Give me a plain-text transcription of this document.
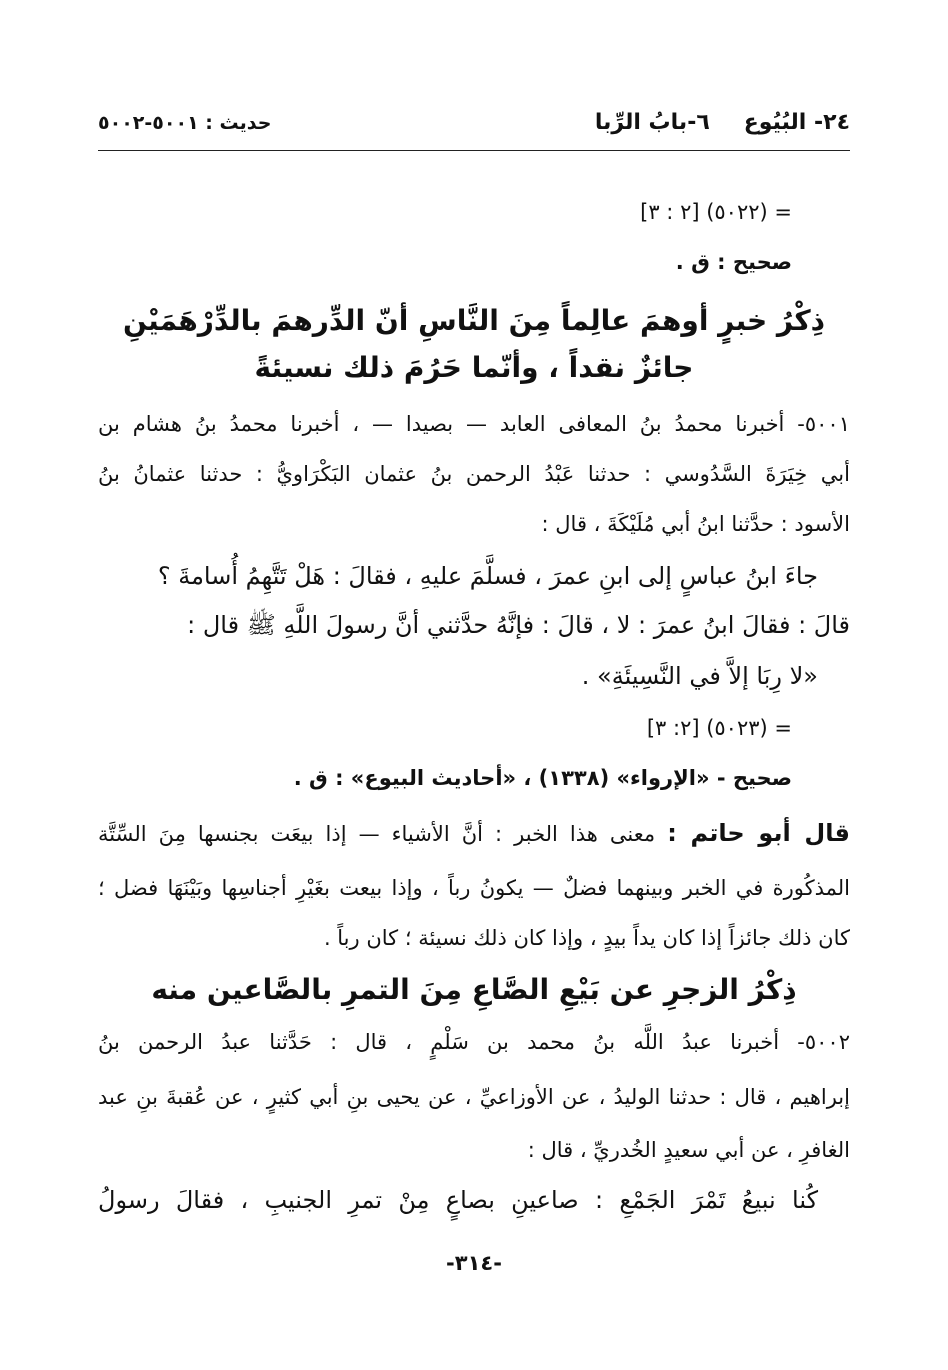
٢٤- البُيُوع٦-بابُ الرِّبا
حديث : ٥٠٠١-٥٠٠٢
= (٥٠٢٢) [٢ : ٣]
صحيح : ق .
ذِكْرُ خبرٍ أوهمَ عالِماً مِنَ النَّاسِ أنّ الدِّرهمَ بالدِّرْهَمَيْنِ
جائزٌ نقداً ، وأنّما حَرُمَ ذلك نسيئةً
٥٠٠١- أخبرنا محمدُ بنُ المعافى العابد — بصيدا — ، أخبرنا محمدُ بنُ هشام بن
أبي خِيَرَةَ السَّدُوسي : حدثنا عَبْدُ الرحمن بنُ عثمان البَكْرَاويُّ : حدثنا عثمانُ بنُ
الأسود : حدَّثنا ابنُ أبي مُلَيْكَةَ ، قال :
جاءَ ابنُ عباسٍ إلى ابنِ عمرَ ، فسلَّمَ عليهِ ، فقالَ : هَلْ تَتَّهِمُ أُسامةَ ؟
قالَ : فقالَ ابنُ عمرَ : لا ، قالَ : فإنَّهُ حدَّثني أنَّ رسولَ اللَّهِ ﷺ قال :
«لا رِبَا إلاَّ في النَّسِيئَةِ» .
= (٥٠٢٣) [٢: ٣]
صحيح - «الإرواء» (١٣٣٨) ، «أحاديث البيوع» : ق .
قال أبو حاتم : معنى هذا الخبر : أنَّ الأشياء — إذا بيعَت بجنسها مِنَ السِّتَّة
المذكُورة في الخبر وبينهما فضلٌ — يكونُ رباً ، وإذا بيعت بغَيْرِ أجناسِها وبَيْنَهَا فضل ؛
كان ذلك جائزاً إذا كان يداً بيدٍ ، وإذا كان ذلك نسيئة ؛ كان رباً .
ذِكْرُ الزجرِ عن بَيْعِ الصَّاعِ مِنَ التمرِ بالصَّاعين منه
٥٠٠٢- أخبرنا عبدُ اللَّه بنُ محمد بن سَلْمٍ ، قال : حَدَّثنا عبدُ الرحمن بنُ
إبراهيم ، قال : حدثنا الوليدُ ، عن الأوزاعيِّ ، عن يحيى بنِ أبي كثيرٍ ، عن عُقبةَ بنِ عبد
الغافرِ ، عن أبي سعيدٍ الخُدريِّ ، قال :
كُنا نبيعُ تَمْرَ الجَمْعِ : صاعينِ بصاعٍ مِنْ تمرِ الجنيبِ ، فقالَ رسولُ
-٣١٤-
